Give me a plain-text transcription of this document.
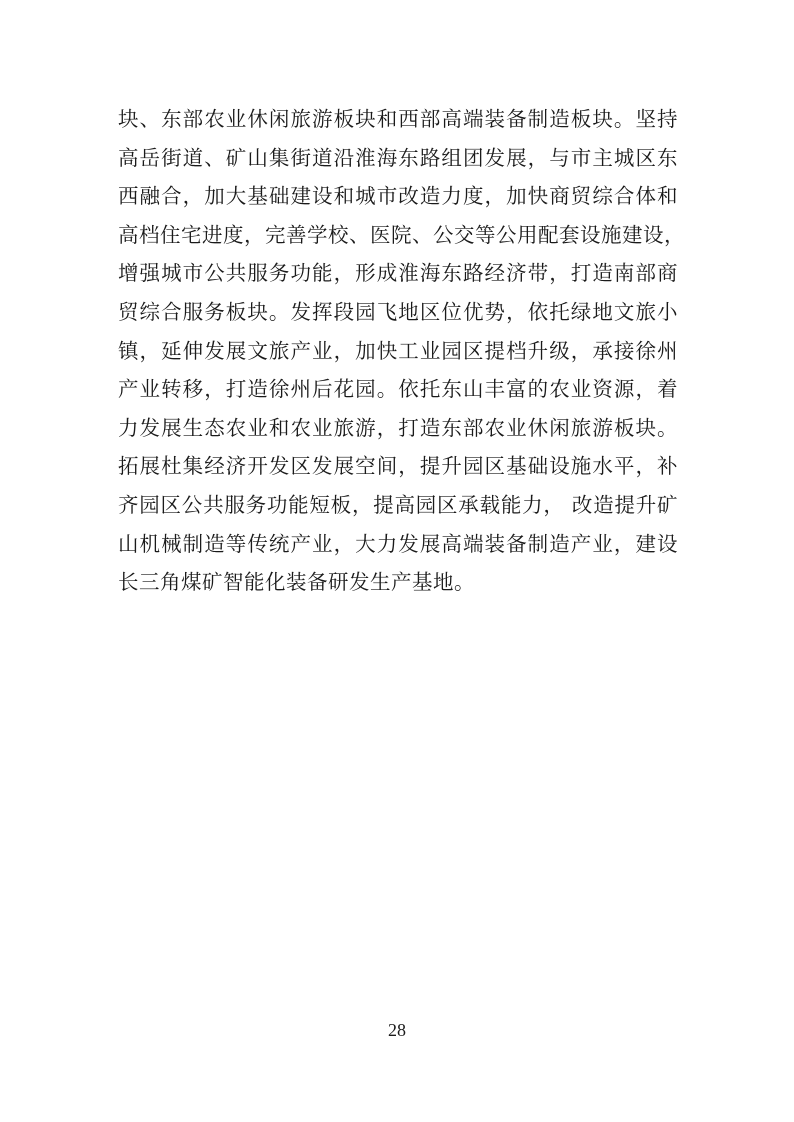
块、东部农业休闲旅游板块和西部高端装备制造板块。坚持
高岳街道、矿山集街道沿淮海东路组团发展，与市主城区东
西融合，加大基础建设和城市改造力度，加快商贸综合体和
高档住宅进度，完善学校、医院、公交等公用配套设施建设，
增强城市公共服务功能，形成淮海东路经济带，打造南部商
贸综合服务板块。发挥段园飞地区位优势，依托绿地文旅小
镇，延伸发展文旅产业，加快工业园区提档升级，承接徐州
产业转移，打造徐州后花园。依托东山丰富的农业资源，着
力发展生态农业和农业旅游，打造东部农业休闲旅游板块。
拓展杜集经济开发区发展空间，提升园区基础设施水平，补
齐园区公共服务功能短板，提高园区承载能力， 改造提升矿
山机械制造等传统产业，大力发展高端装备制造产业，建设
长三角煤矿智能化装备研发生产基地。
28
